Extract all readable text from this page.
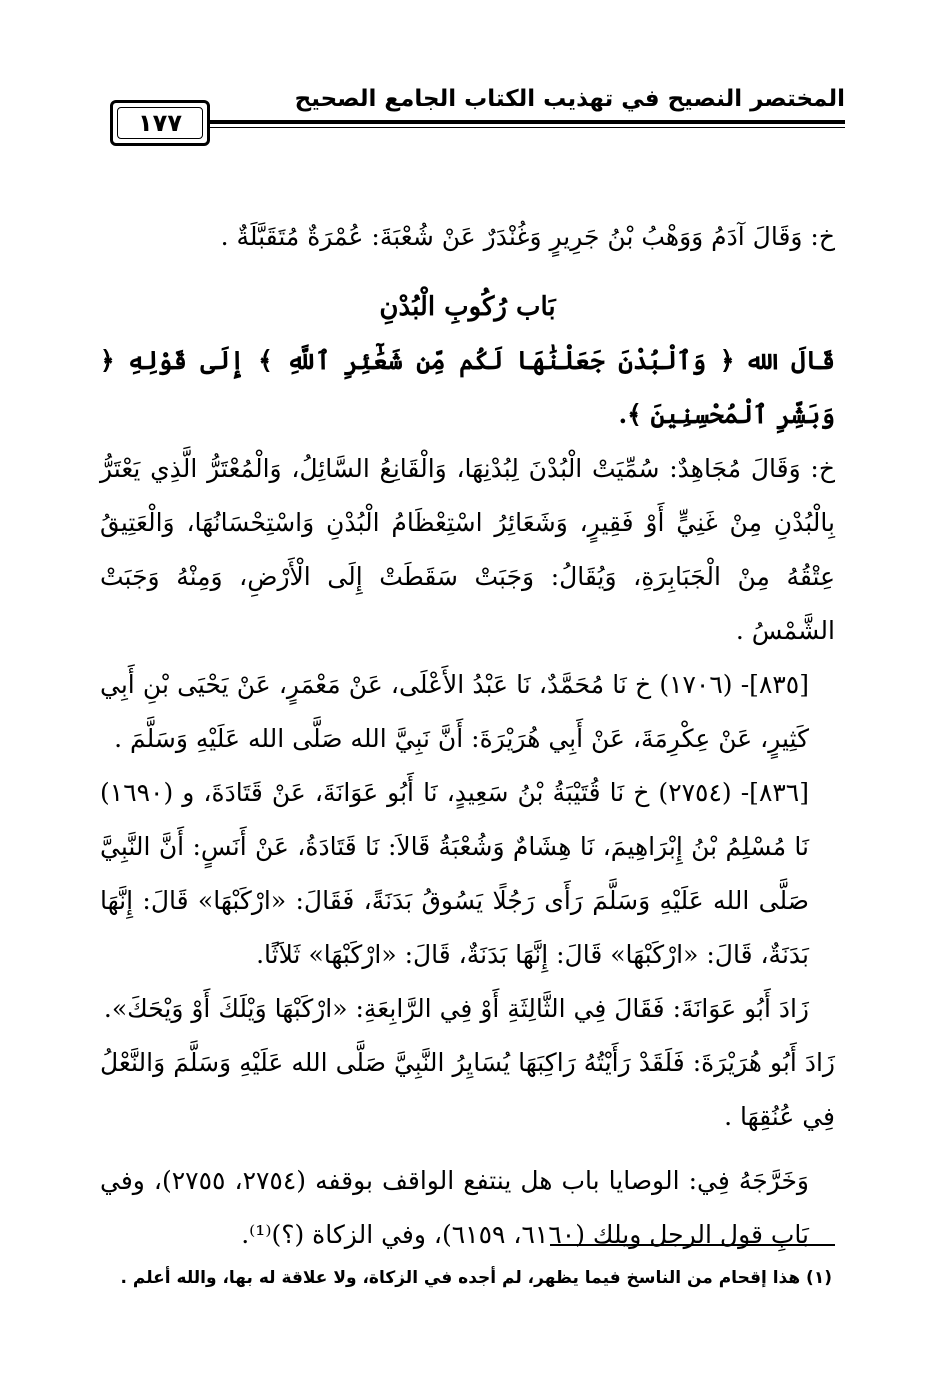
المختصر النصيح في تهذيب الكتاب الجامع الصحيح
١٧٧

خ: وَقَالَ آدَمُ وَوَهْبُ بْنُ جَرِيرٍ وَغُنْدَرٌ عَنْ شُعْبَةَ: عُمْرَةٌ مُتَقَبَّلَةٌ .

بَاب رُكُوبِ الْبُدْنِ

قَالَ الله ﴿ وَٱلْبُدْنَ جَعَلْنَٰهَا لَكُم مِّن شَعَٰٓئِرِ ٱللَّهِ ﴾ إِلَى قَوْلِهِ ﴿ وَبَشِّرِ ٱلْمُحْسِنِينَ ﴾.

خ: وَقَالَ مُجَاهِدٌ: سُمِّيَتْ الْبُدْنَ لِبُدْنِهَا، وَالْقَانِعُ السَّائِلُ، وَالْمُعْتَرُّ الَّذِي يَعْتَرُّ بِالْبُدْنِ مِنْ غَنِيٍّ أَوْ فَقِيرٍ، وَشَعَائِرُ اسْتِعْظَامُ الْبُدْنِ وَاسْتِحْسَانُهَا، وَالْعَتِيقُ عِتْقُهُ مِنْ الْجَبَابِرَةِ، وَيُقَالُ: وَجَبَتْ سَقَطَتْ إِلَى الْأَرْضِ، وَمِنْهُ وَجَبَتْ الشَّمْسُ .

[٨٣٥]- (١٧٠٦) خ نَا مُحَمَّدٌ، نَا عَبْدُ الأَعْلَى، عَنْ مَعْمَرٍ، عَنْ يَحْيَى بْنِ أَبِي كَثِيرٍ، عَنْ عِكْرِمَةَ، عَنْ أَبِي هُرَيْرَةَ: أَنَّ نَبِيَّ الله صَلَّى الله عَلَيْهِ وَسَلَّمَ .

[٨٣٦]- (٢٧٥٤) خ نَا قُتَيْبَةُ بْنُ سَعِيدٍ، نَا أَبُو عَوَانَةَ، عَنْ قَتَادَةَ، و (١٦٩٠) نَا مُسْلِمُ بْنُ إِبْرَاهِيمَ، نَا هِشَامٌ وَشُعْبَةُ قَالاَ: نَا قَتَادَةُ، عَنْ أَنَسٍ: أَنَّ النَّبِيَّ صَلَّى الله عَلَيْهِ وَسَلَّمَ رَأَى رَجُلًا يَسُوقُ بَدَنَةً، فَقَالَ: «ارْكَبْهَا» قَالَ: إِنَّهَا بَدَنَةٌ، قَالَ: «ارْكَبْهَا» قَالَ: إِنَّهَا بَدَنَةٌ، قَالَ: «ارْكَبْهَا» ثَلاَثًا.

زَادَ أَبُو عَوَانَةَ: فَقَالَ فِي الثَّالِثَةِ أَوْ فِي الرَّابِعَةِ: «ارْكَبْهَا وَيْلَكَ أَوْ وَيْحَكَ».

زَادَ أَبُو هُرَيْرَةَ: فَلَقَدْ رَأَيْتُهُ رَاكِبَهَا يُسَايِرُ النَّبِيَّ صَلَّى الله عَلَيْهِ وَسَلَّمَ وَالنَّعْلُ فِي عُنُقِهَا .

وَخَرَّجَهُ فِي: الوصايا باب هل ينتفع الواقف بوقفه (٢٧٥٤، ٢٧٥٥)، وفي بَابِ قول الرجل ويلك (٦١٦٠، ٦١٥٩)، وفي الزكاة (؟)⁽¹⁾.

(١) هذا إقحام من الناسخ فيما يظهر، لم أجده في الزكاة، ولا علاقة له بها، والله أعلم .
